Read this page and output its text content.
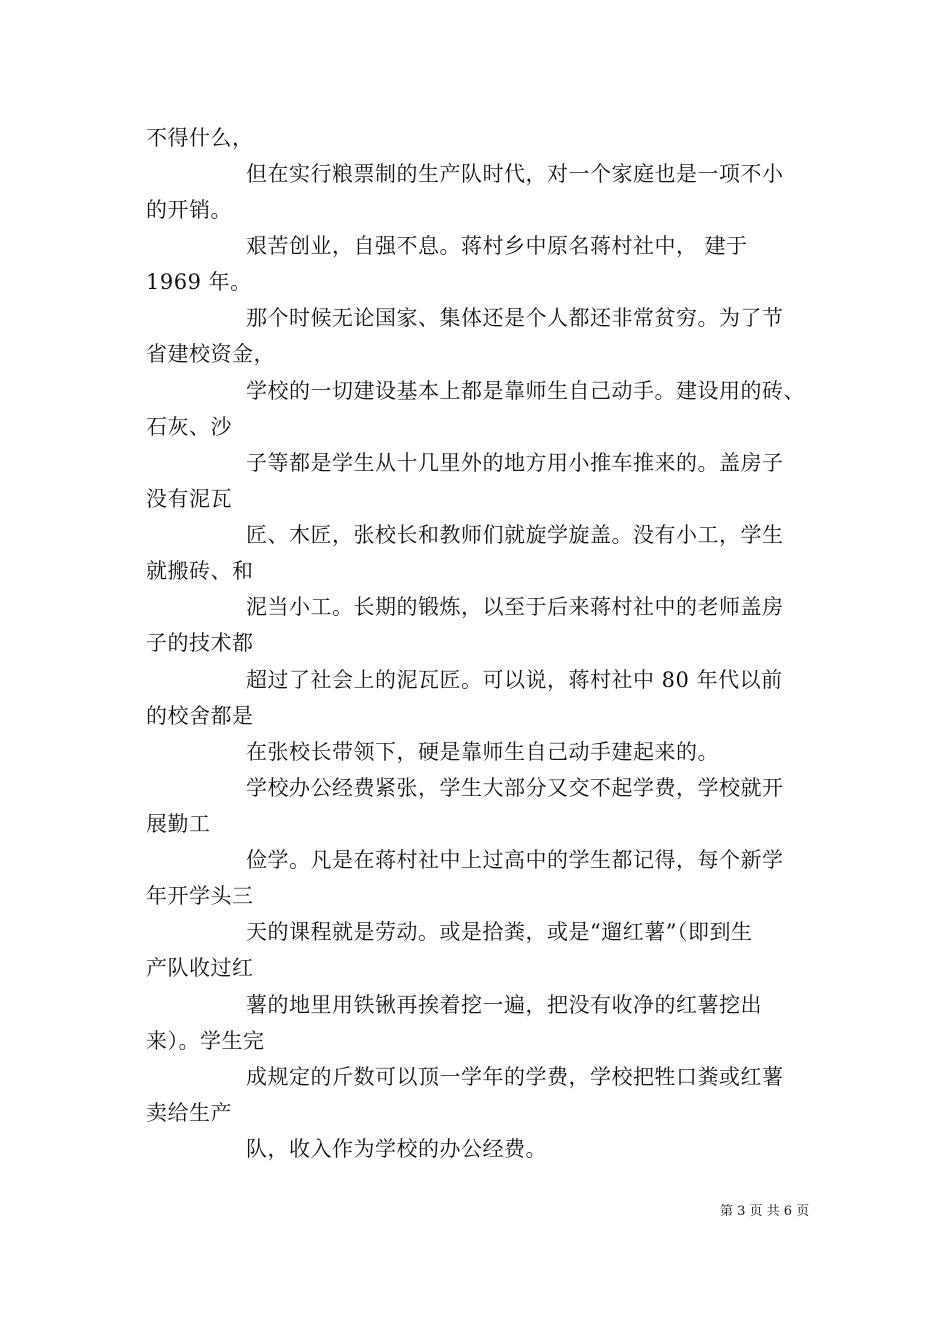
不得什么，
但在实行粮票制的生产队时代，对一个家庭也是一项不小
的开销。
艰苦创业，自强不息。蒋村乡中原名蒋村社中， 建于
1969 年。
那个时候无论国家、集体还是个人都还非常贫穷。为了节
省建校资金，
学校的一切建设基本上都是靠师生自己动手。建设用的砖、
石灰、沙
子等都是学生从十几里外的地方用小推车推来的。盖房子
没有泥瓦
匠、木匠，张校长和教师们就旋学旋盖。没有小工，学生
就搬砖、和
泥当小工。长期的锻炼，以至于后来蒋村社中的老师盖房
子的技术都
超过了社会上的泥瓦匠。可以说，蒋村社中 80 年代以前
的校舍都是
在张校长带领下，硬是靠师生自己动手建起来的。
学校办公经费紧张，学生大部分又交不起学费，学校就开
展勤工
俭学。凡是在蒋村社中上过高中的学生都记得，每个新学
年开学头三
天的课程就是劳动。或是拾粪，或是“遛红薯”（即到生
产队收过红
薯的地里用铁锹再挨着挖一遍，把没有收净的红薯挖出
来）。学生完
成规定的斤数可以顶一学年的学费，学校把牲口粪或红薯
卖给生产
队，收入作为学校的办公经费。
第 3 页 共 6 页
